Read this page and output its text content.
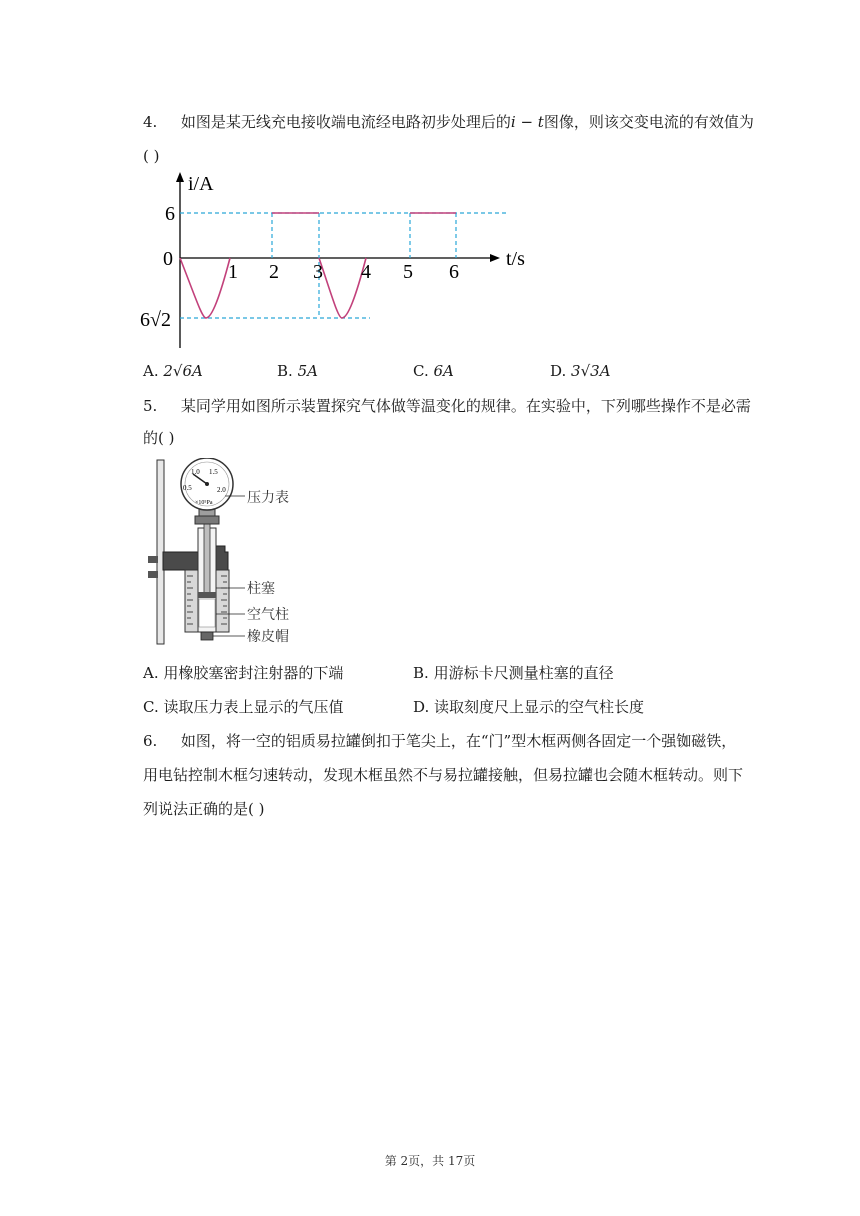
4. 如图是某无线充电接收端电流经电路初步处理后的i − t图像，则该交变电流的有效值为
( )
i/A
t/s
0
6
6√2
1 2 3 4 5 6
A. 2√6A	B. 5A	C. 6A	D. 3√3A
5. 某同学用如图所示装置探究气体做等温变化的规律。在实验中，下列哪些操作不是必需
的( )
0.5
1.0 1.5
2.0
×10⁵Pa 压力表
柱塞
空气柱
橡皮帽
A. 用橡胶塞密封注射器的下端	B. 用游标卡尺测量柱塞的直径
C. 读取压力表上显示的气压值	D. 读取刻度尺上显示的空气柱长度
6. 如图，将一空的铝质易拉罐倒扣于笔尖上，在“门”型木框两侧各固定一个强铷磁铁，
用电钻控制木框匀速转动，发现木框虽然不与易拉罐接触，但易拉罐也会随木框转动。则下
列说法正确的是( )
第 2页，共 17页
